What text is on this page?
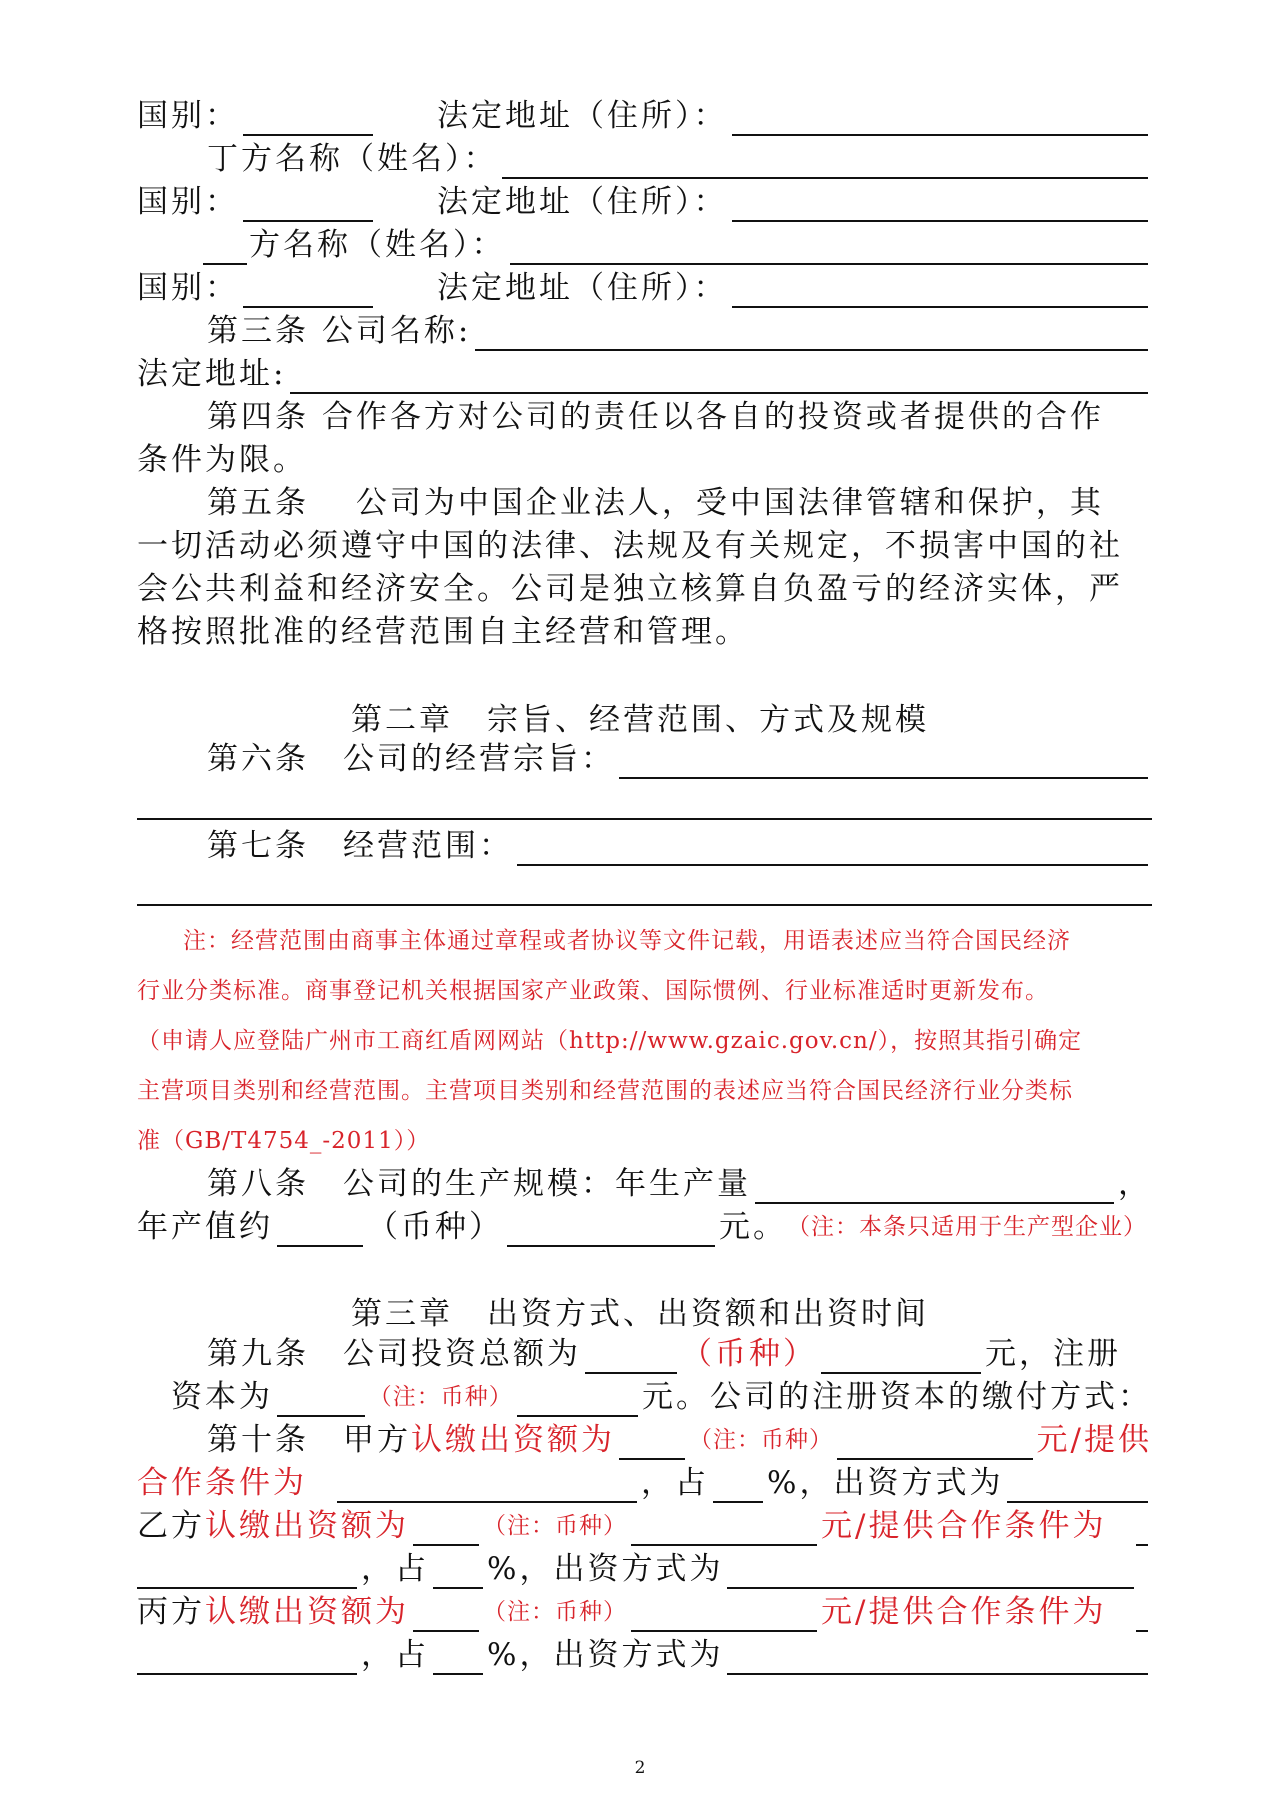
国别：	法定地址（住所）：
丁方名称（姓名）：
国别：	法定地址（住所）：
方名称（姓名）：
国别：	法定地址（住所）：
第三条 公司名称:
法定地址:
第四条 合作各方对公司的责任以各自的投资或者提供的合作
条件为限。
第五条　 公司为中国企业法人，受中国法律管辖和保护，其
一切活动必须遵守中国的法律、法规及有关规定，不损害中国的社
会公共利益和经济安全。公司是独立核算自负盈亏的经济实体，严
格按照批准的经营范围自主经营和管理。
第二章　宗旨、经营范围、方式及规模
第六条　公司的经营宗旨：
第七条　经营范围：
注：经营范围由商事主体通过章程或者协议等文件记载，用语表述应当符合国民经济
行业分类标准。商事登记机关根据国家产业政策、国际惯例、行业标准适时更新发布。
（申请人应登陆广州市工商红盾网网站（http://www.gzaic.gov.cn/），按照其指引确定
主营项目类别和经营范围。主营项目类别和经营范围的表述应当符合国民经济行业分类标
准（GB/T4754_-2011））
第八条　公司的生产规模：年生产量	，
年产值约	（币种）	元。 （注：本条只适用于生产型企业）
第三章　出资方式、出资额和出资时间
第九条　公司投资总额为	（币种）	元，注册
资本为	（注：币种）	元。公司的注册资本的缴付方式：
第十条　甲方 认缴出资额为	（注：币种）	元/提供
合作条件为	，占 %，出资方式为
乙方 认缴出资额为	（注：币种）	元/提供合作条件为
，占 %，出资方式为
丙方 认缴出资额为	（注：币种）	元/提供合作条件为
，占 %，出资方式为
2
